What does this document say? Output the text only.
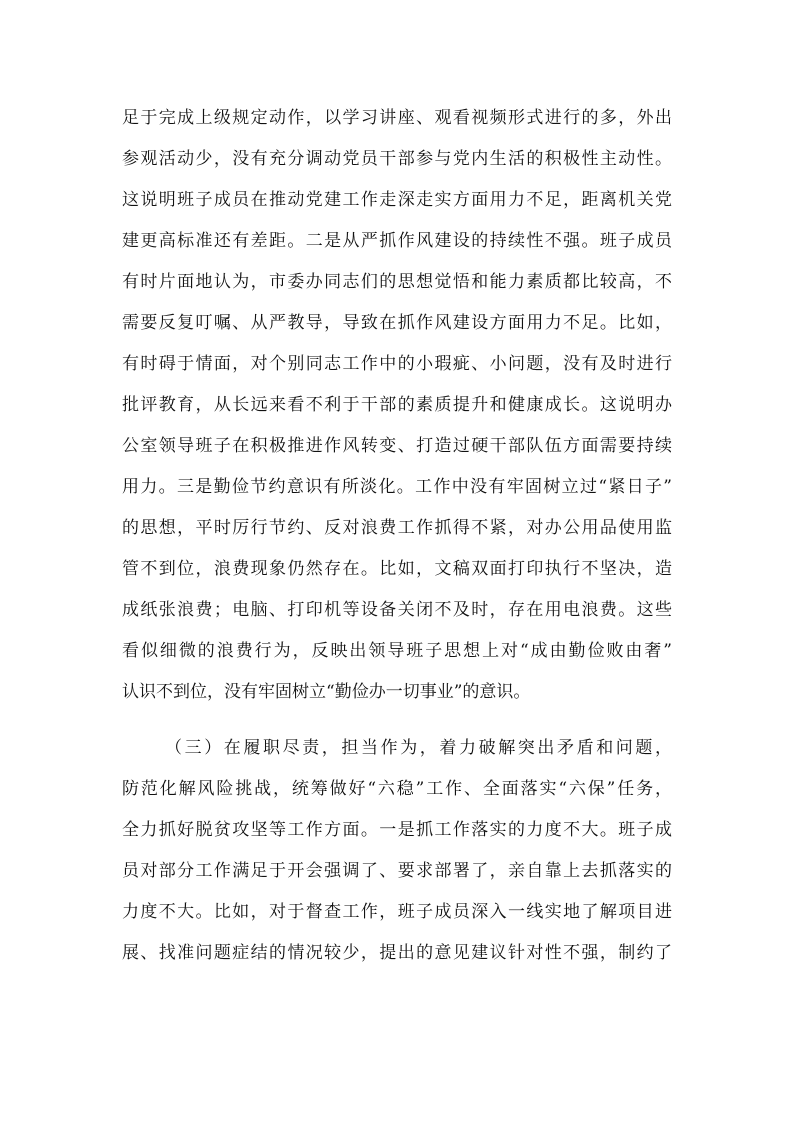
足于完成上级规定动作，以学习讲座、观看视频形式进行的多，外出
参观活动少，没有充分调动党员干部参与党内生活的积极性主动性。
这说明班子成员在推动党建工作走深走实方面用力不足，距离机关党
建更高标准还有差距。二是从严抓作风建设的持续性不强。班子成员
有时片面地认为，市委办同志们的思想觉悟和能力素质都比较高，不
需要反复叮嘱、从严教导，导致在抓作风建设方面用力不足。比如，
有时碍于情面，对个别同志工作中的小瑕疵、小问题，没有及时进行
批评教育，从长远来看不利于干部的素质提升和健康成长。这说明办
公室领导班子在积极推进作风转变、打造过硬干部队伍方面需要持续
用力。三是勤俭节约意识有所淡化。工作中没有牢固树立过“紧日子”
的思想，平时厉行节约、反对浪费工作抓得不紧，对办公用品使用监
管不到位，浪费现象仍然存在。比如，文稿双面打印执行不坚决，造
成纸张浪费；电脑、打印机等设备关闭不及时，存在用电浪费。这些
看似细微的浪费行为，反映出领导班子思想上对“成由勤俭败由奢”
认识不到位，没有牢固树立“勤俭办一切事业”的意识。
（三）在履职尽责，担当作为，着力破解突出矛盾和问题，
防范化解风险挑战，统筹做好“六稳”工作、全面落实“六保”任务，
全力抓好脱贫攻坚等工作方面。一是抓工作落实的力度不大。班子成
员对部分工作满足于开会强调了、要求部署了，亲自靠上去抓落实的
力度不大。比如，对于督查工作，班子成员深入一线实地了解项目进
展、找准问题症结的情况较少，提出的意见建议针对性不强，制约了
